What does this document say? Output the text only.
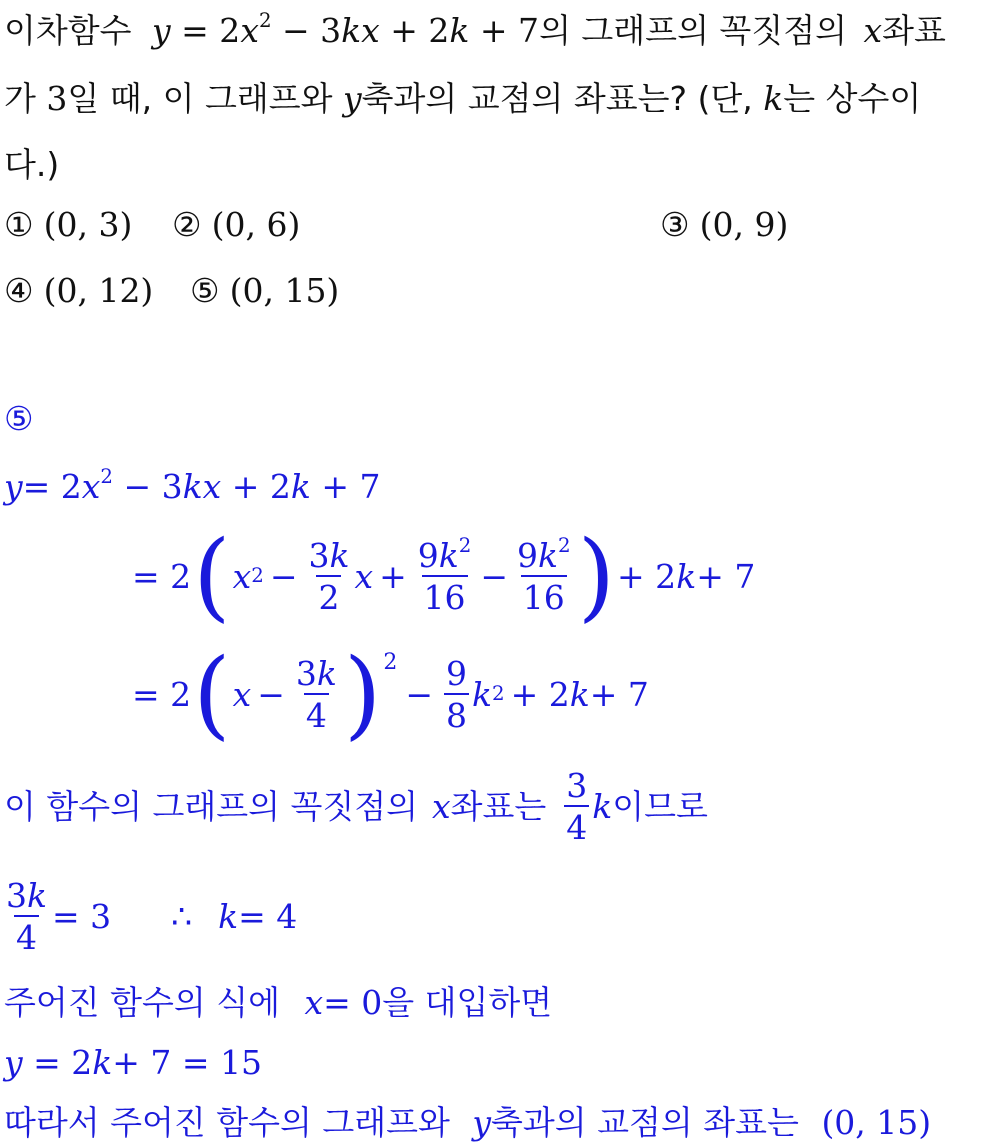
이차함수 $y = 2x^2 - 3kx + 2k + 7$의 그래프의 꼭짓점의 x좌표
가 3일 때, 이 그래프와 y축과의 교점의 좌표는? (단, k는 상수이
다.)
① (0, 3) ② (0, 6)	③ (0, 9)
④ (0, 12) ⑤ (0, 15)
⑤
$y= 2x^2 - 3kx + 2k + 7$
= 2 ( x $2 - \frac{3k}{2}$ $x + \frac{9k^2}{16} - \frac{9k^2}{16}$ ) + 2 k + 7
= 2 ( $x - \frac{3k}{4}$ ) 2
− $\frac{9}{8}$ k 2 + 2 k + 7
이 함수의 그래프의 꼭짓점의 x 좌표는 $\frac{3}{4}$ k 이므로
$\frac{3k}{4} = 3$ ∴ k = 4
주어진 함수의 식에 x= 0을 대입하면
y = 2k+ 7 = 15
따라서 주어진 함수의 그래프와 y축과의 교점의 좌표는 (0, 15)
